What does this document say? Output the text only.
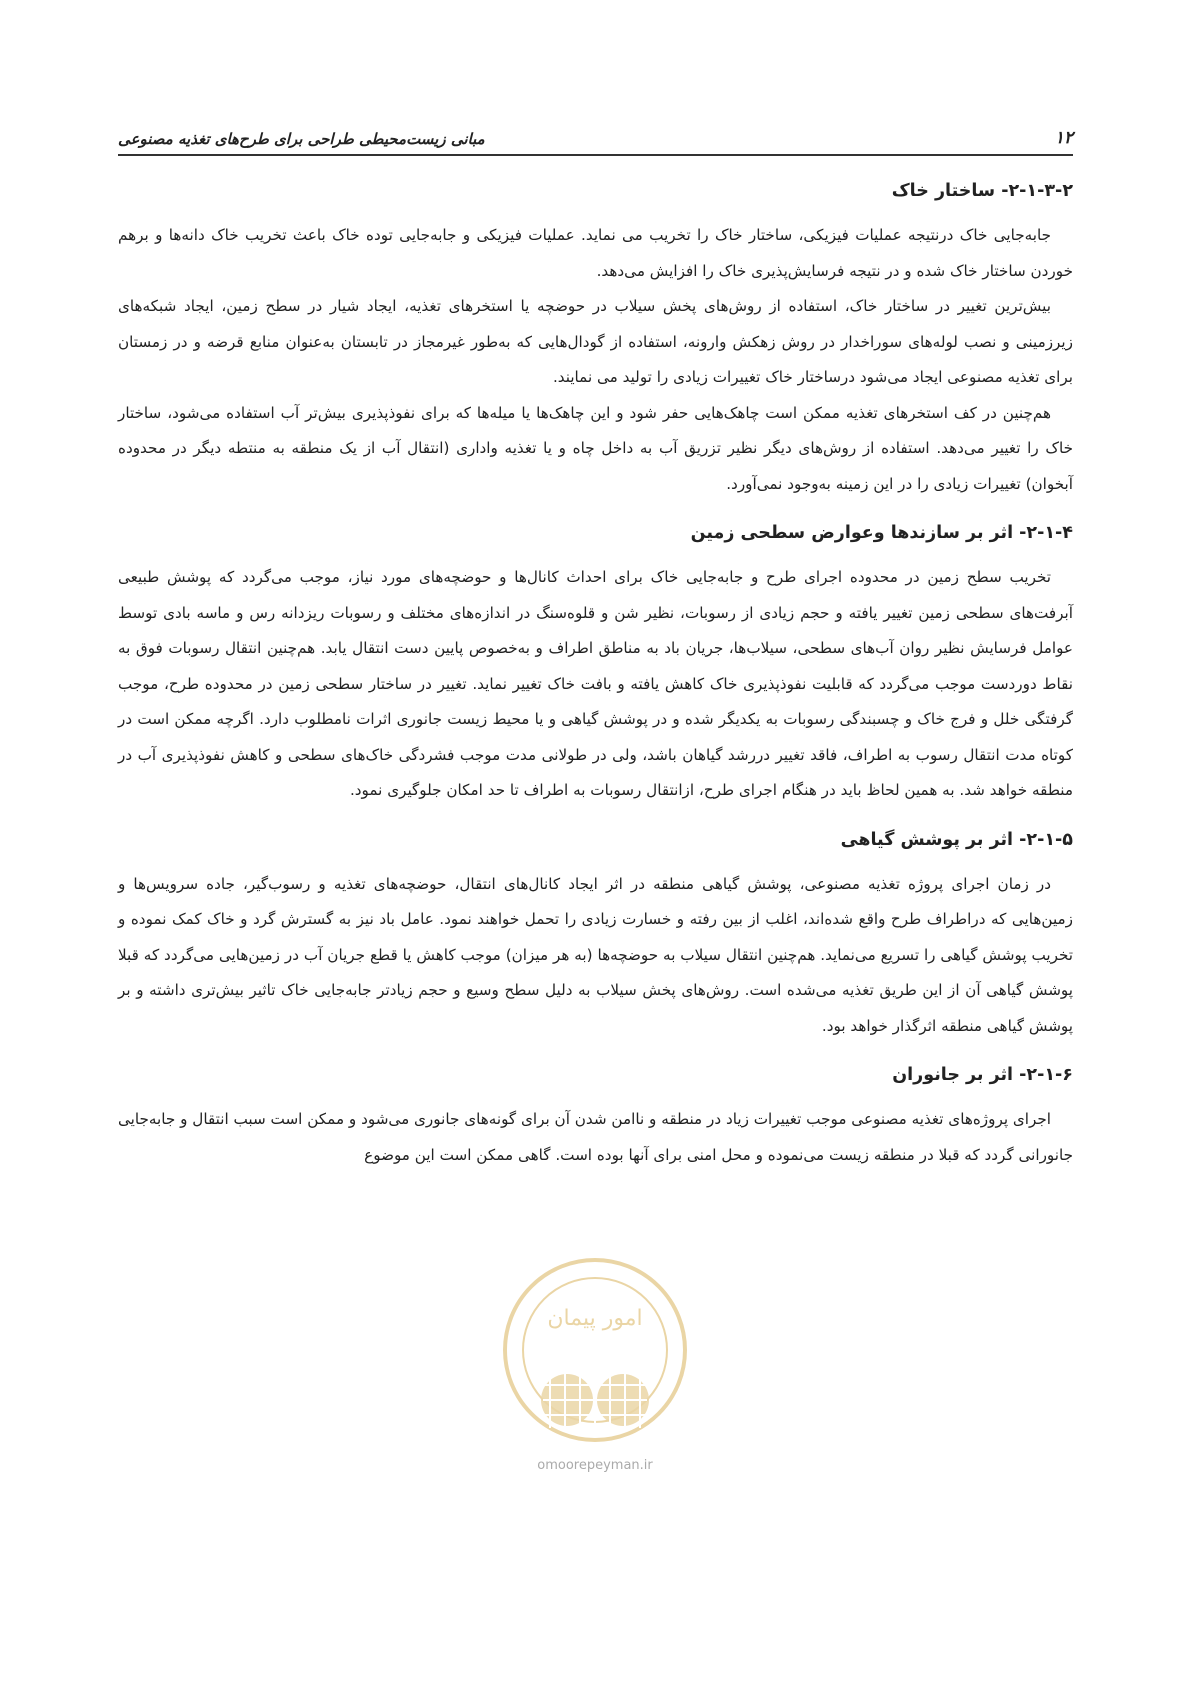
۱۲
مبانی زیست‌محیطی طراحی برای طرح‌های تغذیه مصنوعی
۲-۱-۳-۲- ساختار خاک

جابه‌جایی خاک درنتیجه عملیات فیزیکی، ساختار خاک را تخریب می نماید. عملیات فیزیکی و جابه‌جایی توده خاک باعث تخریب خاک دانه‌ها و برهم خوردن ساختار خاک شده و در نتیجه فرسایش‌پذیری خاک را افزایش می‌دهد.

بیش‌ترین تغییر در ساختار خاک، استفاده از روش‌های پخش سیلاب در حوضچه یا استخرهای تغذیه، ایجاد شیار در سطح زمین، ایجاد شبکه‌های زیرزمینی و نصب لوله‌های سوراخدار در روش زهکش وارونه، استفاده از گودال‌هایی که به‌طور غیرمجاز در تابستان به‌عنوان منابع قرضه و در زمستان برای تغذیه مصنوعی ایجاد می‌شود درساختار خاک تغییرات زیادی را تولید می نمایند.

هم‌چنین در کف استخرهای تغذیه ممکن است چاهک‌هایی حفر شود و این چاهک‌ها یا میله‌ها که برای نفوذپذیری بیش‌تر آب استفاده می‌شود، ساختار خاک را تغییر می‌دهد. استفاده از روش‌های دیگر نظیر تزریق آب به داخل چاه و یا تغذیه واداری (انتقال آب از یک منطقه به منتطه دیگر در محدوده آبخوان) تغییرات زیادی را در این زمینه به‌وجود نمی‌آورد.

۲-۱-۴- اثر بر سازندها وعوارض سطحی زمین

تخریب سطح زمین در محدوده اجرای طرح و جابه‌جایی خاک برای احداث کانال‌ها و حوضچه‌های مورد نیاز، موجب می‌گردد که پوشش طبیعی آبرفت‌های سطحی زمین تغییر یافته و حجم زیادی از رسوبات، نظیر شن و قلوه‌سنگ در اندازه‌های مختلف و رسوبات ریزدانه رس و ماسه بادی توسط عوامل فرسایش نظیر روان آب‌های سطحی، سیلاب‌ها، جریان باد به مناطق اطراف و به‌خصوص پایین دست انتقال یابد. هم‌چنین انتقال رسوبات فوق به نقاط دوردست موجب می‌گردد که قابلیت نفوذپذیری خاک کاهش یافته و بافت خاک تغییر نماید. تغییر در ساختار سطحی زمین در محدوده طرح، موجب گرفتگی خلل و فرج خاک و چسبندگی رسوبات به یکدیگر شده و در پوشش گیاهی و یا محیط زیست جانوری اثرات نامطلوب دارد. اگرچه ممکن است در کوتاه مدت انتقال رسوب به اطراف، فاقد تغییر دررشد گیاهان باشد، ولی در طولانی مدت موجب فشردگی خاک‌های سطحی و کاهش نفوذپذیری آب در منطقه خواهد شد. به همین لحاظ باید در هنگام اجرای طرح، ازانتقال رسوبات به اطراف تا حد امکان جلوگیری نمود.

۲-۱-۵- اثر بر پوشش گیاهی

در زمان اجرای پروژه تغذیه مصنوعی، پوشش گیاهی منطقه در اثر ایجاد کانال‌های انتقال، حوضچه‌های تغذیه و رسوب‌گیر، جاده سرویس‌ها و زمین‌هایی که دراطراف طرح واقع شده‌اند، اغلب از بین رفته و خسارت زیادی را تحمل خواهند نمود. عامل باد نیز به گسترش گرد و خاک کمک نموده و تخریب پوشش گیاهی را تسریع می‌نماید. هم‌چنین انتقال سیلاب به حوضچه‌ها (به هر میزان) موجب کاهش یا قطع جریان آب در زمین‌هایی می‌گردد که قبلا پوشش گیاهی آن از این طریق تغذیه می‌شده است. روش‌های پخش سیلاب به دلیل سطح وسیع و حجم زیادتر جابه‌جایی خاک تاثیر بیش‌تری داشته و بر پوشش گیاهی منطقه اثرگذار خواهد بود.

۲-۱-۶- اثر بر جانوران

اجرای پروژه‌های تغذیه مصنوعی موجب تغییرات زیاد در منطقه و ناامن شدن آن برای گونه‌های جانوری می‌شود و ممکن است سبب انتقال و جابه‌جایی جانورانی گردد که قبلا در منطقه زیست می‌نموده و محل امنی برای آنها بوده است. گاهی ممکن است این موضوع

امور پیمان
omoorepeyman.ir
